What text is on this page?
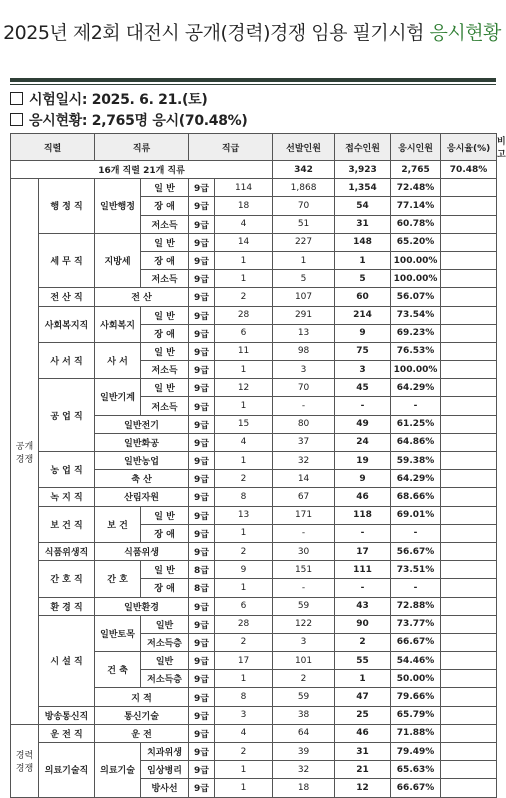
2025년 제2회 대전시 공개(경력)경쟁 임용 필기시험 응시현황
시험일시: 2025. 6. 21.(토)
응시현황: 2,765명 응시(70.48%)
직렬		직류		직급		선발인원	접수인원	응시인원	응시율(%)	비고
16개 직렬 21개 직류						342	3,923	2,765	70.48%	
공개
경쟁	행 정 직	일반행정	일 반	9급	114	1,868	1,354	72.48%		
			장 애	9급	18	70	54	77.14%		
			저소득	9급	4	51	31	60.78%		
	세 무 직	지방세	일 반	9급	14	227	148	65.20%		
			장 애	9급	1	1	1	100.00%		
			저소득	9급	1	5	5	100.00%		
	전 산 직	전 산		9급	2	107	60	56.07%		
	사회복지직	사회복지	일 반	9급	28	291	214	73.54%		
			장 애	9급	6	13	9	69.23%		
	사 서 직	사 서	일 반	9급	11	98	75	76.53%		
			저소득	9급	1	3	3	100.00%		
	공 업 직	일반기계	일 반	9급	12	70	45	64.29%		
			저소득	9급	1	-	-	-		
		일반전기		9급	15	80	49	61.25%		
		일반화공		9급	4	37	24	64.86%		
	농 업 직	일반농업		9급	1	32	19	59.38%		
		축 산		9급	2	14	9	64.29%		
	녹 지 직	산림자원		9급	8	67	46	68.66%		
	보 건 직	보 건	일 반	9급	13	171	118	69.01%		
			장 애	9급	1	-	-	-		
	식품위생직	식품위생		9급	2	30	17	56.67%		
	간 호 직	간 호	일 반	8급	9	151	111	73.51%		
			장 애	8급	1	-	-	-		
	환 경 직	일반환경		9급	6	59	43	72.88%		
	시 설 직	일반토목	일반	9급	28	122	90	73.77%		
			저소득층	9급	2	3	2	66.67%		
		건 축	일반	9급	17	101	55	54.46%		
			저소득층	9급	1	2	1	50.00%		
		지 적		9급	8	59	47	79.66%		
	방송통신직	통신기술		9급	3	38	25	65.79%		
경력
경쟁	운 전 직	운 전		9급	4	64	46	71.88%		
	의료기술직	의료기술	치과위생	9급	2	39	31	79.49%		
			임상병리	9급	1	32	21	65.63%		
			방사선	9급	1	18	12	66.67%		
